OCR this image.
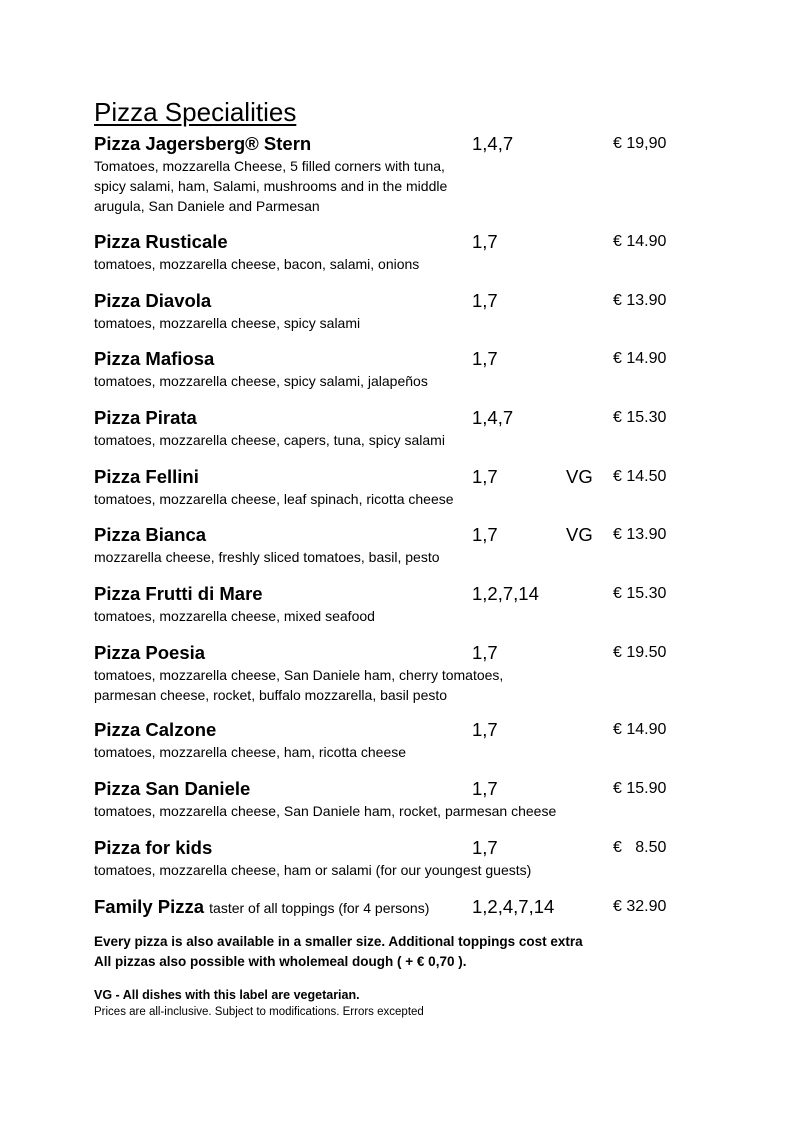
Pizza Specialities
Pizza Jagersberg® Stern	1,4,7	€ 19,90
Tomatoes, mozzarella Cheese, 5 filled corners with tuna, spicy salami, ham, Salami, mushrooms and in the middle arugula, San Daniele and Parmesan
Pizza Rusticale	1,7	€ 14.90
tomatoes, mozzarella cheese, bacon, salami, onions
Pizza Diavola	1,7	€ 13.90
tomatoes, mozzarella cheese, spicy salami
Pizza Mafiosa	1,7	€ 14.90
tomatoes, mozzarella cheese, spicy salami, jalapeños
Pizza Pirata	1,4,7	€ 15.30
tomatoes, mozzarella cheese, capers, tuna, spicy salami
Pizza Fellini	1,7	VG € 14.50
tomatoes, mozzarella cheese, leaf spinach, ricotta cheese
Pizza Bianca	1,7	VG € 13.90
mozzarella cheese, freshly sliced tomatoes, basil, pesto
Pizza Frutti di Mare	1,2,7,14	€ 15.30
tomatoes, mozzarella cheese, mixed seafood
Pizza Poesia	1,7	€ 19.50
tomatoes, mozzarella cheese, San Daniele ham, cherry tomatoes,
parmesan cheese, rocket, buffalo mozzarella, basil pesto
Pizza Calzone	1,7	€ 14.90
tomatoes, mozzarella cheese, ham, ricotta cheese
Pizza San Daniele	1,7	€ 15.90
tomatoes, mozzarella cheese, San Daniele ham, rocket, parmesan cheese
Pizza for kids	1,7	€   8.50
tomatoes, mozzarella cheese, ham or salami (for our youngest guests)
Family Pizza taster of all toppings (for 4 persons) 1,2,4,7,14	€ 32.90
Every pizza is also available in a smaller size. Additional toppings cost extra
All pizzas also possible with wholemeal dough ( + € 0,70 ).
VG - All dishes with this label are vegetarian.
Prices are all-inclusive. Subject to modifications. Errors excepted
